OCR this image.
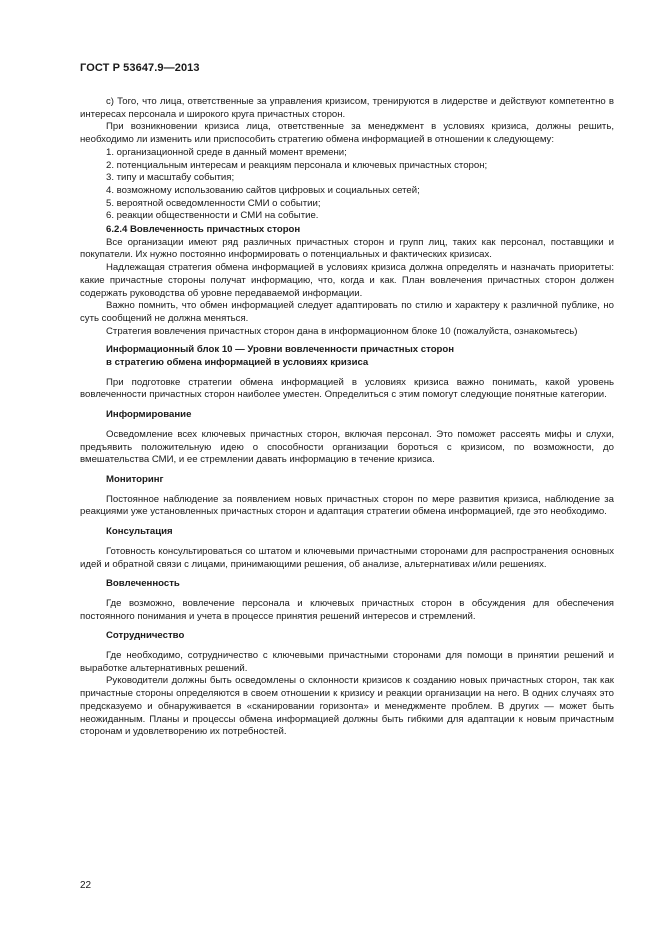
ГОСТ Р 53647.9—2013

с) Того, что лица, ответственные за управления кризисом, тренируются в лидерстве и действуют компетентно в интересах персонала и широкого круга причастных сторон.

При возникновении кризиса лица, ответственные за менеджмент в условиях кризиса, должны решить, необходимо ли изменить или приспособить стратегию обмена информацией в отношении к следующему:

1. организационной среде в данный момент времени;
2. потенциальным интересам и реакциям персонала и ключевых причастных сторон;
3. типу и масштабу события;
4. возможному использованию сайтов цифровых и социальных сетей;
5. вероятной осведомленности СМИ о событии;
6. реакции общественности и СМИ на событие.
6.2.4 Вовлеченность причастных сторон

Все организации имеют ряд различных причастных сторон и групп лиц, таких как персонал, поставщики и покупатели. Их нужно постоянно информировать о потенциальных и фактических кризисах.

Надлежащая стратегия обмена информацией в условиях кризиса должна определять и назначать приоритеты: какие причастные стороны получат информацию, что, когда и как. План вовлечения причастных сторон должен содержать руководства об уровне передаваемой информации.

Важно помнить, что обмен информацией следует адаптировать по стилю и характеру к различной публике, но суть сообщений не должна меняться.

Стратегия вовлечения причастных сторон дана в информационном блоке 10 (пожалуйста, ознакомьтесь)

Информационный блок 10 — Уровни вовлеченности причастных сторон
в стратегию обмена информацией в условиях кризиса

При подготовке стратегии обмена информацией в условиях кризиса важно понимать, какой уровень вовлеченности причастных сторон наиболее уместен. Определиться с этим помогут следующие понятные категории.

Информирование

Осведомление всех ключевых причастных сторон, включая персонал. Это поможет рассеять мифы и слухи, предъявить положительную идею о способности организации бороться с кризисом, по возможности, до вмешательства СМИ, и ее стремлении давать информацию в течение кризиса.

Мониторинг

Постоянное наблюдение за появлением новых причастных сторон по мере развития кризиса, наблюдение за реакциями уже установленных причастных сторон и адаптация стратегии обмена информацией, где это необходимо.

Консультация

Готовность консультироваться со штатом и ключевыми причастными сторонами для распространения основных идей и обратной связи с лицами, принимающими решения, об анализе, альтернативах и/или решениях.

Вовлеченность

Где возможно, вовлечение персонала и ключевых причастных сторон в обсуждения для обеспечения постоянного понимания и учета в процессе принятия решений интересов и стремлений.

Сотрудничество

Где необходимо, сотрудничество с ключевыми причастными сторонами для помощи в принятии решений и выработке альтернативных решений.

Руководители должны быть осведомлены о склонности кризисов к созданию новых причастных сторон, так как причастные стороны определяются в своем отношении к кризису и реакции организации на него. В одних случаях это предсказуемо и обнаруживается в «сканировании горизонта» и менеджменте проблем. В других — может быть неожиданным. Планы и процессы обмена информацией должны быть гибкими для адаптации к новым причастным сторонам и удовлетворению их потребностей.

22
